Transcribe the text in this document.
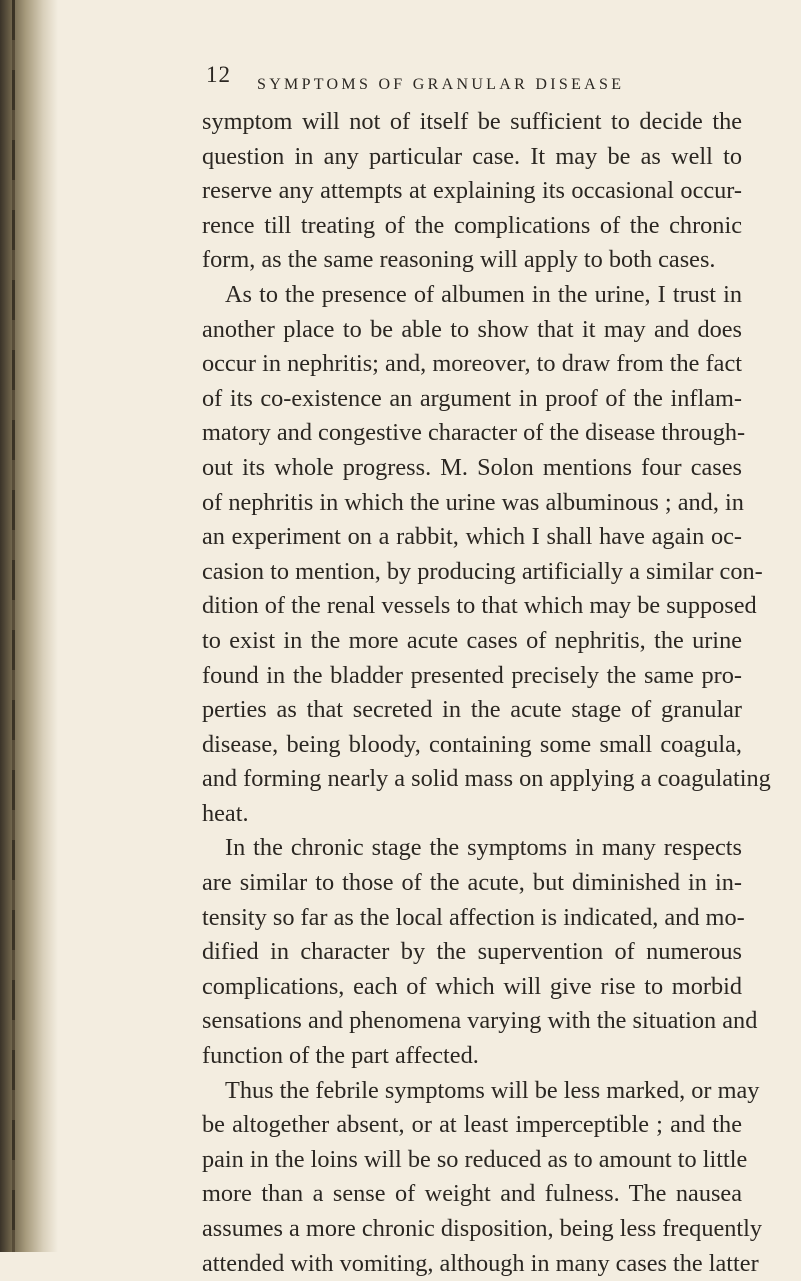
12 SYMPTOMS OF GRANULAR DISEASE
symptom will not of itself be sufficient to decide the
question in any particular case. It may be as well to
reserve any attempts at explaining its occasional occur-
rence till treating of the complications of the chronic
form, as the same reasoning will apply to both cases.
As to the presence of albumen in the urine, I trust in
another place to be able to show that it may and does
occur in nephritis; and, moreover, to draw from the fact
of its co-existence an argument in proof of the inflam-
matory and congestive character of the disease through-
out its whole progress. M. Solon mentions four cases
of nephritis in which the urine was albuminous ; and, in
an experiment on a rabbit, which I shall have again oc-
casion to mention, by producing artificially a similar con-
dition of the renal vessels to that which may be supposed
to exist in the more acute cases of nephritis, the urine
found in the bladder presented precisely the same pro-
perties as that secreted in the acute stage of granular
disease, being bloody, containing some small coagula,
and forming nearly a solid mass on applying a coagulating
heat.
In the chronic stage the symptoms in many respects
are similar to those of the acute, but diminished in in-
tensity so far as the local affection is indicated, and mo-
dified in character by the supervention of numerous
complications, each of which will give rise to morbid
sensations and phenomena varying with the situation and
function of the part affected.
Thus the febrile symptoms will be less marked, or may
be altogether absent, or at least imperceptible ; and the
pain in the loins will be so reduced as to amount to little
more than a sense of weight and fulness. The nausea
assumes a more chronic disposition, being less frequently
attended with vomiting, although in many cases the latter
